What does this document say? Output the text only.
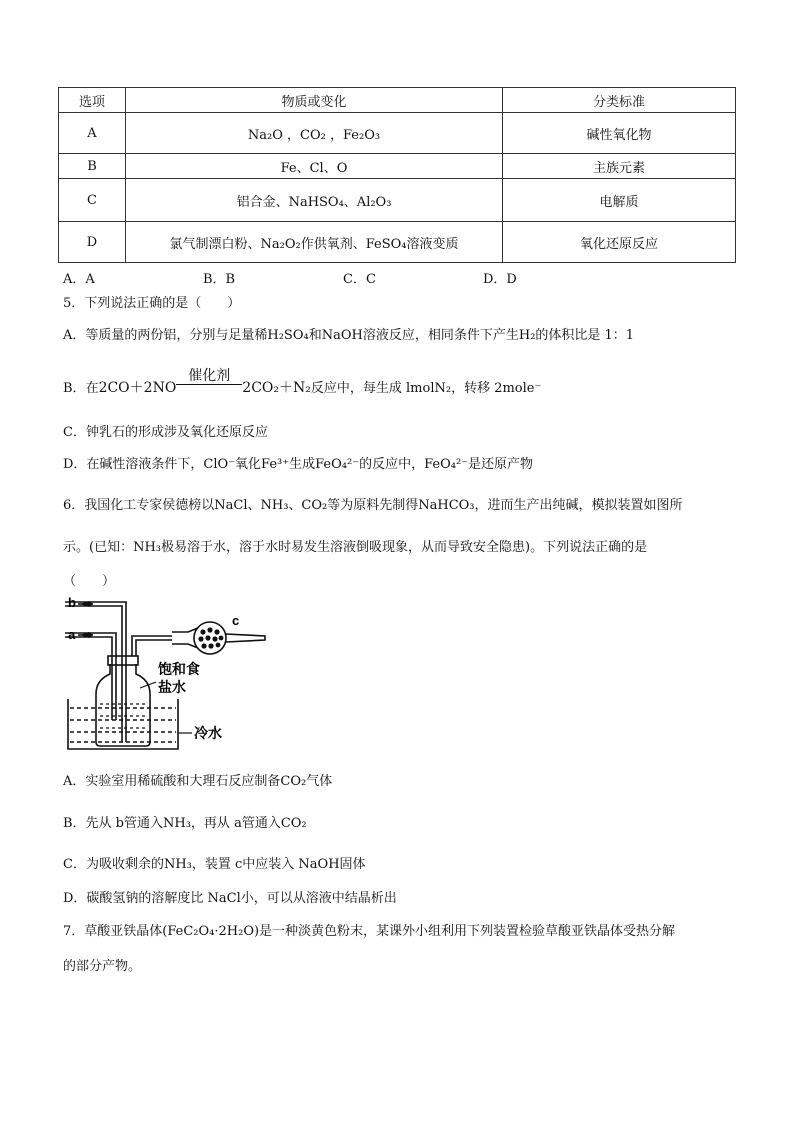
选项	物质或变化	分类标准
A	Na₂O ，CO₂ ，Fe₂O₃	碱性氧化物
B	Fe、Cl、O	主族元素
C	铝合金、NaHSO₄、Al₂O₃	电解质
D	氯气制漂白粉、Na₂O₂作供氧剂、FeSO₄溶液变质	氧化还原反应
A．A	B．B	C．C	D．D
5．下列说法正确的是（　　）
A．等质量的两份铝，分别与足量稀H₂SO₄和NaOH溶液反应，相同条件下产生H₂的体积比是 1：1
B．在2CO＋2NO催化剂2CO₂＋N₂反应中，每生成 lmolN₂，转移 2mole⁻
C．钟乳石的形成涉及氧化还原反应
D．在碱性溶液条件下，ClO⁻氧化Fe³⁺生成FeO₄²⁻的反应中，FeO₄²⁻是还原产物
6．我国化工专家侯德榜以NaCl、NH₃、CO₂等为原料先制得NaHCO₃，进而生产出纯碱，模拟装置如图所
示。(已知：NH₃极易溶于水，溶于水时易发生溶液倒吸现象，从而导致安全隐患)。下列说法正确的是
（　　）
b
a
c
饱和食
盐水
冷水
A．实验室用稀硫酸和大理石反应制备CO₂气体
B．先从 b管通入NH₃，再从 a管通入CO₂
C．为吸收剩余的NH₃，装置 c中应装入 NaOH固体
D．碳酸氢钠的溶解度比 NaCl小，可以从溶液中结晶析出
7．草酸亚铁晶体(FeC₂O₄·2H₂O)是一种淡黄色粉末，某课外小组利用下列装置检验草酸亚铁晶体受热分解
的部分产物。
